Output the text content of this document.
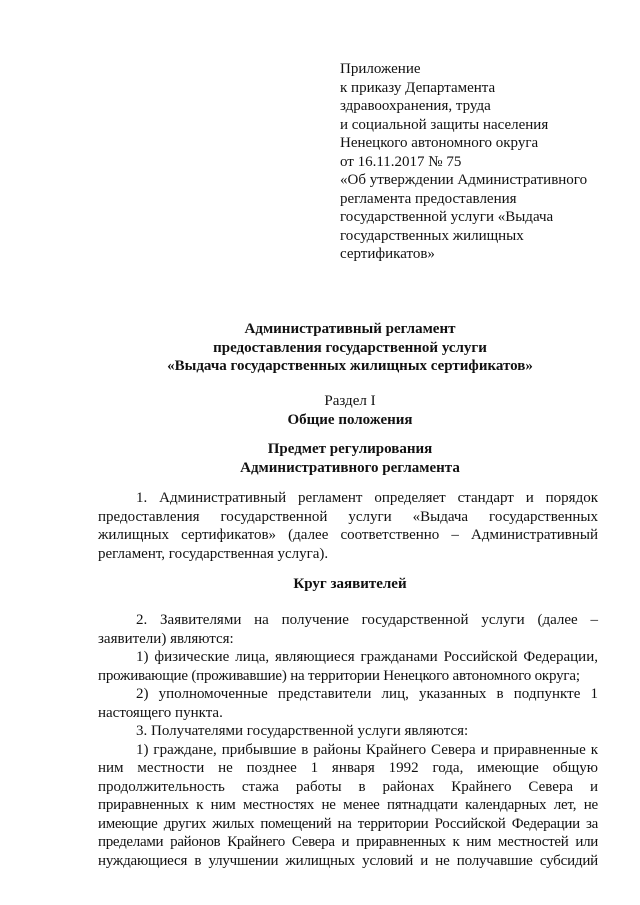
Приложение
к приказу Департамента
здравоохранения, труда
и социальной защиты населения
Ненецкого автономного округа
от 16.11.2017 № 75
«Об утверждении Административного
регламента предоставления
государственной услуги «Выдача
государственных жилищных
сертификатов»
Административный регламент
предоставления государственной услуги
«Выдача государственных жилищных сертификатов»
Раздел I
Общие положения
Предмет регулирования
Административного регламента
1. Административный регламент определяет стандарт и порядок
предоставления государственной услуги «Выдача государственных
жилищных сертификатов» (далее соответственно – Административный
регламент, государственная услуга).
Круг заявителей
2. Заявителями на получение государственной услуги (далее –
заявители) являются:
1) физические лица, являющиеся гражданами Российской Федерации,
проживающие (проживавшие) на территории Ненецкого автономного округа;
2) уполномоченные представители лиц, указанных в подпункте 1
настоящего пункта.
3. Получателями государственной услуги являются:
1) граждане, прибывшие в районы Крайнего Севера и приравненные к
ним местности не позднее 1 января 1992 года, имеющие общую
продолжительность стажа работы в районах Крайнего Севера и
приравненных к ним местностях не менее пятнадцати календарных лет, не
имеющие других жилых помещений на территории Российской Федерации за
пределами районов Крайнего Севера и приравненных к ним местностей или
нуждающиеся в улучшении жилищных условий и не получавшие субсидий
